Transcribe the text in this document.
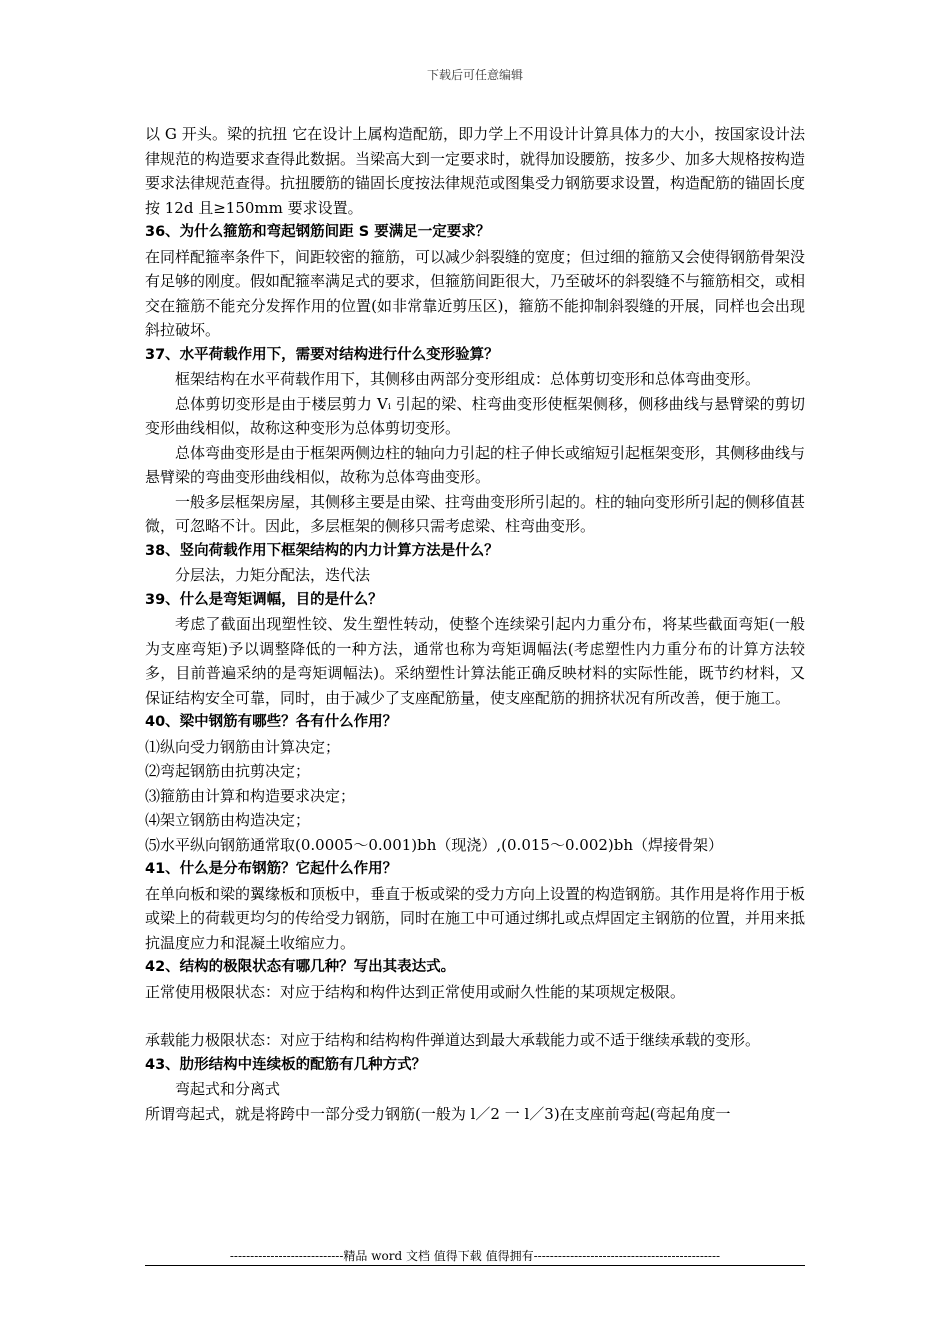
下载后可任意编辑

以 G 开头。梁的抗扭 它在设计上属构造配筋，即力学上不用设计计算具体力的大小，按国家设计法律规范的构造要求查得此数据。当梁高大到一定要求时，就得加设腰筋，按多少、加多大规格按构造要求法律规范查得。抗扭腰筋的锚固长度按法律规范或图集受力钢筋要求设置，构造配筋的锚固长度按 12d 且≥150mm 要求设置。

36、为什么箍筋和弯起钢筋间距 S 要满足一定要求？

在同样配箍率条件下，间距较密的箍筋，可以减少斜裂缝的宽度；但过细的箍筋又会使得钢筋骨架没有足够的刚度。假如配箍率满足式的要求，但箍筋间距很大，乃至破坏的斜裂缝不与箍筋相交，或相交在箍筋不能充分发挥作用的位置(如非常靠近剪压区)，箍筋不能抑制斜裂缝的开展，同样也会出现斜拉破坏。

37、水平荷载作用下，需要对结构进行什么变形验算？

框架结构在水平荷载作用下，其侧移由两部分变形组成：总体剪切变形和总体弯曲变形。

总体剪切变形是由于楼层剪力 Vᵢ 引起的梁、柱弯曲变形使框架侧移，侧移曲线与悬臂梁的剪切变形曲线相似，故称这种变形为总体剪切变形。

总体弯曲变形是由于框架两侧边柱的轴向力引起的柱子伸长或缩短引起框架变形，其侧移曲线与悬臂梁的弯曲变形曲线相似，故称为总体弯曲变形。

一般多层框架房屋，其侧移主要是由梁、拄弯曲变形所引起的。柱的轴向变形所引起的侧移值甚微，可忽略不计。因此，多层框架的侧移只需考虑梁、柱弯曲变形。

38、竖向荷载作用下框架结构的内力计算方法是什么？

分层法，力矩分配法，迭代法

39、什么是弯矩调幅，目的是什么？

考虑了截面出现塑性铰、发生塑性转动，使整个连续梁引起内力重分布，将某些截面弯矩(一般为支座弯矩)予以调整降低的一种方法，通常也称为弯矩调幅法(考虑塑性内力重分布的计算方法较多，目前普遍采纳的是弯矩调幅法)。采纳塑性计算法能正确反映材料的实际性能，既节约材料，又保证结构安全可靠，同时，由于减少了支座配筋量，使支座配筋的拥挤状况有所改善，便于施工。

40、梁中钢筋有哪些？各有什么作用？

⑴纵向受力钢筋由计算决定；

⑵弯起钢筋由抗剪决定；

⑶箍筋由计算和构造要求决定；

⑷架立钢筋由构造决定；

⑸水平纵向钢筋通常取(0.0005～0.001)bh（现浇）,(0.015～0.002)bh（焊接骨架）

41、什么是分布钢筋？它起什么作用？

在单向板和梁的翼缘板和顶板中，垂直于板或梁的受力方向上设置的构造钢筋。其作用是将作用于板或梁上的荷载更均匀的传给受力钢筋，同时在施工中可通过绑扎或点焊固定主钢筋的位置，并用来抵抗温度应力和混凝土收缩应力。

42、结构的极限状态有哪几种？写出其表达式。

正常使用极限状态：对应于结构和构件达到正常使用或耐久性能的某项规定极限。

承载能力极限状态：对应于结构和结构构件弹道达到最大承载能力或不适于继续承载的变形。

43、肋形结构中连续板的配筋有几种方式？

弯起式和分离式

所谓弯起式，就是将跨中一部分受力钢筋(一般为 l／2 一 l／3)在支座前弯起(弯起角度一

----------------------------精品 word 文档 值得下载 值得拥有----------------------------------------------
